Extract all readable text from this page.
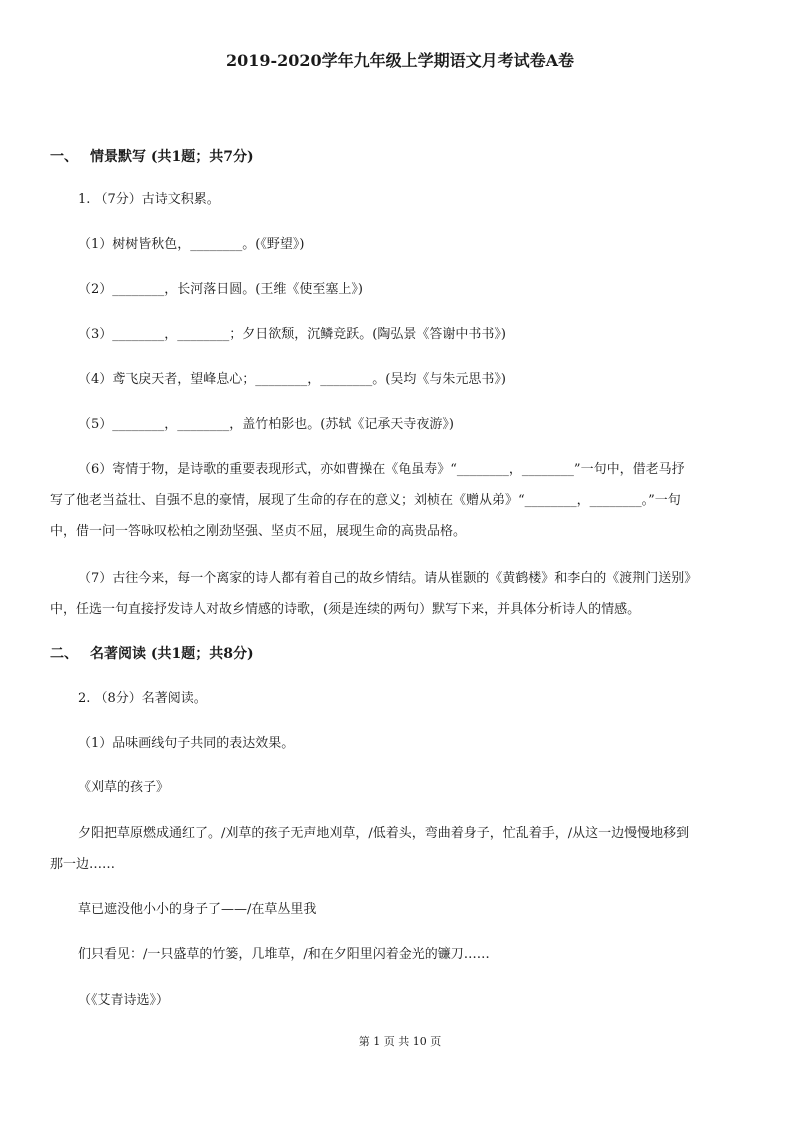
2019-2020学年九年级上学期语文月考试卷A卷
一、 情景默写 (共1题；共7分)
1. （7分）古诗文积累。
（1）树树皆秋色，________。(《野望》)
（2）________，长河落日圆。(王维《使至塞上》)
（3）________，________；夕日欲颓，沉鳞竞跃。(陶弘景《答谢中书书》)
（4）鸢飞戾天者，望峰息心；________，________。(吴均《与朱元思书》)
（5）________，________，盖竹柏影也。(苏轼《记承天寺夜游》)
（6）寄情于物，是诗歌的重要表现形式，亦如曹操在《龟虽寿》“________，________”一句中，借老马抒
写了他老当益壮、自强不息的豪情，展现了生命的存在的意义；刘桢在《赠从弟》“________，________。”一句
中，借一问一答咏叹松柏之刚劲坚强、坚贞不屈，展现生命的高贵品格。
（7）古往今来，每一个离家的诗人都有着自己的故乡情结。请从崔颢的《黄鹤楼》和李白的《渡荆门送别》
中，任选一句直接抒发诗人对故乡情感的诗歌，(须是连续的两句）默写下来，并具体分析诗人的情感。
二、 名著阅读 (共1题；共8分)
2. （8分）名著阅读。
（1）品味画线句子共同的表达效果。
《刈草的孩子》
夕阳把草原燃成通红了。/刈草的孩子无声地刈草，/低着头，弯曲着身子，忙乱着手，/从这一边慢慢地移到
那一边……
草已遮没他小小的身子了——/在草丛里我
们只看见：/一只盛草的竹篓，几堆草，/和在夕阳里闪着金光的镰刀……
（《艾青诗选》）
第 1 页 共 10 页
